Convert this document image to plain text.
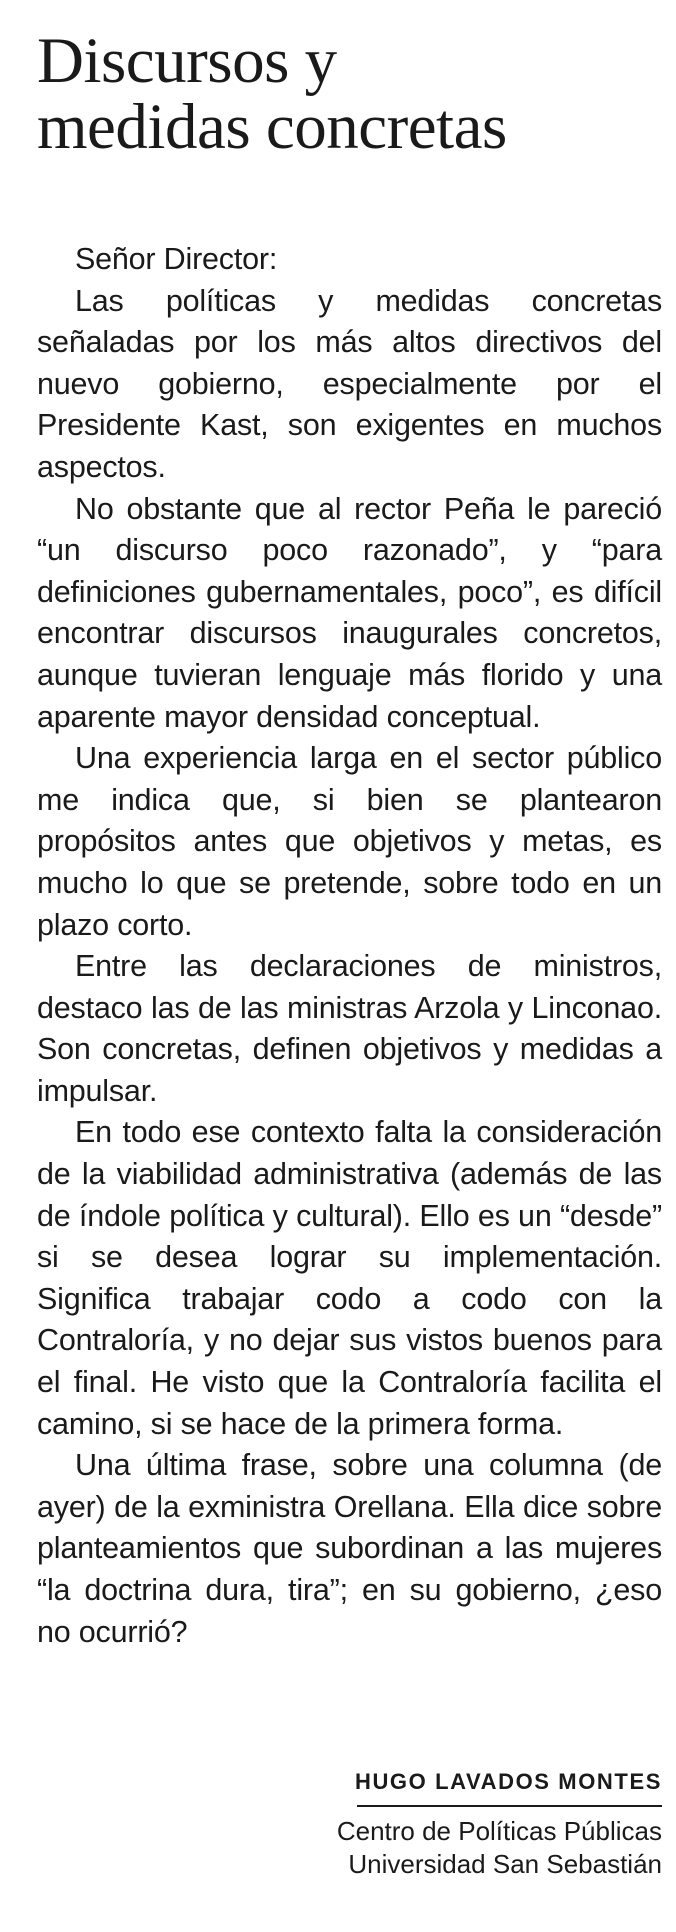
Discursos y
medidas concretas

Señor Director:

Las políticas y medidas concretas señaladas por los más altos directivos del nuevo gobierno, especialmente por el Presidente Kast, son exigentes en muchos aspectos.

No obstante que al rector Peña le pareció “un discurso poco razonado”, y “para definiciones gubernamentales, poco”, es difícil encontrar discursos inaugurales concretos, aunque tuvieran lenguaje más florido y una aparente mayor densidad conceptual.

Una experiencia larga en el sector público me indica que, si bien se plantearon propósitos antes que objetivos y metas, es mucho lo que se pretende, sobre todo en un plazo corto.

Entre las declaraciones de ministros, destaco las de las ministras Arzola y Linconao. Son concretas, definen objetivos y medidas a impulsar.

En todo ese contexto falta la consideración de la viabilidad administrativa (además de las de índole política y cultural). Ello es un “desde” si se desea lograr su implementación. Significa trabajar codo a codo con la Contraloría, y no dejar sus vistos buenos para el final. He visto que la Contraloría facilita el camino, si se hace de la primera forma.

Una última frase, sobre una columna (de ayer) de la exministra Orellana. Ella dice sobre planteamientos que subordinan a las mujeres “la doctrina dura, tira”; en su gobierno, ¿eso no ocurrió?

HUGO LAVADOS MONTES
Centro de Políticas Públicas
Universidad San Sebastián
